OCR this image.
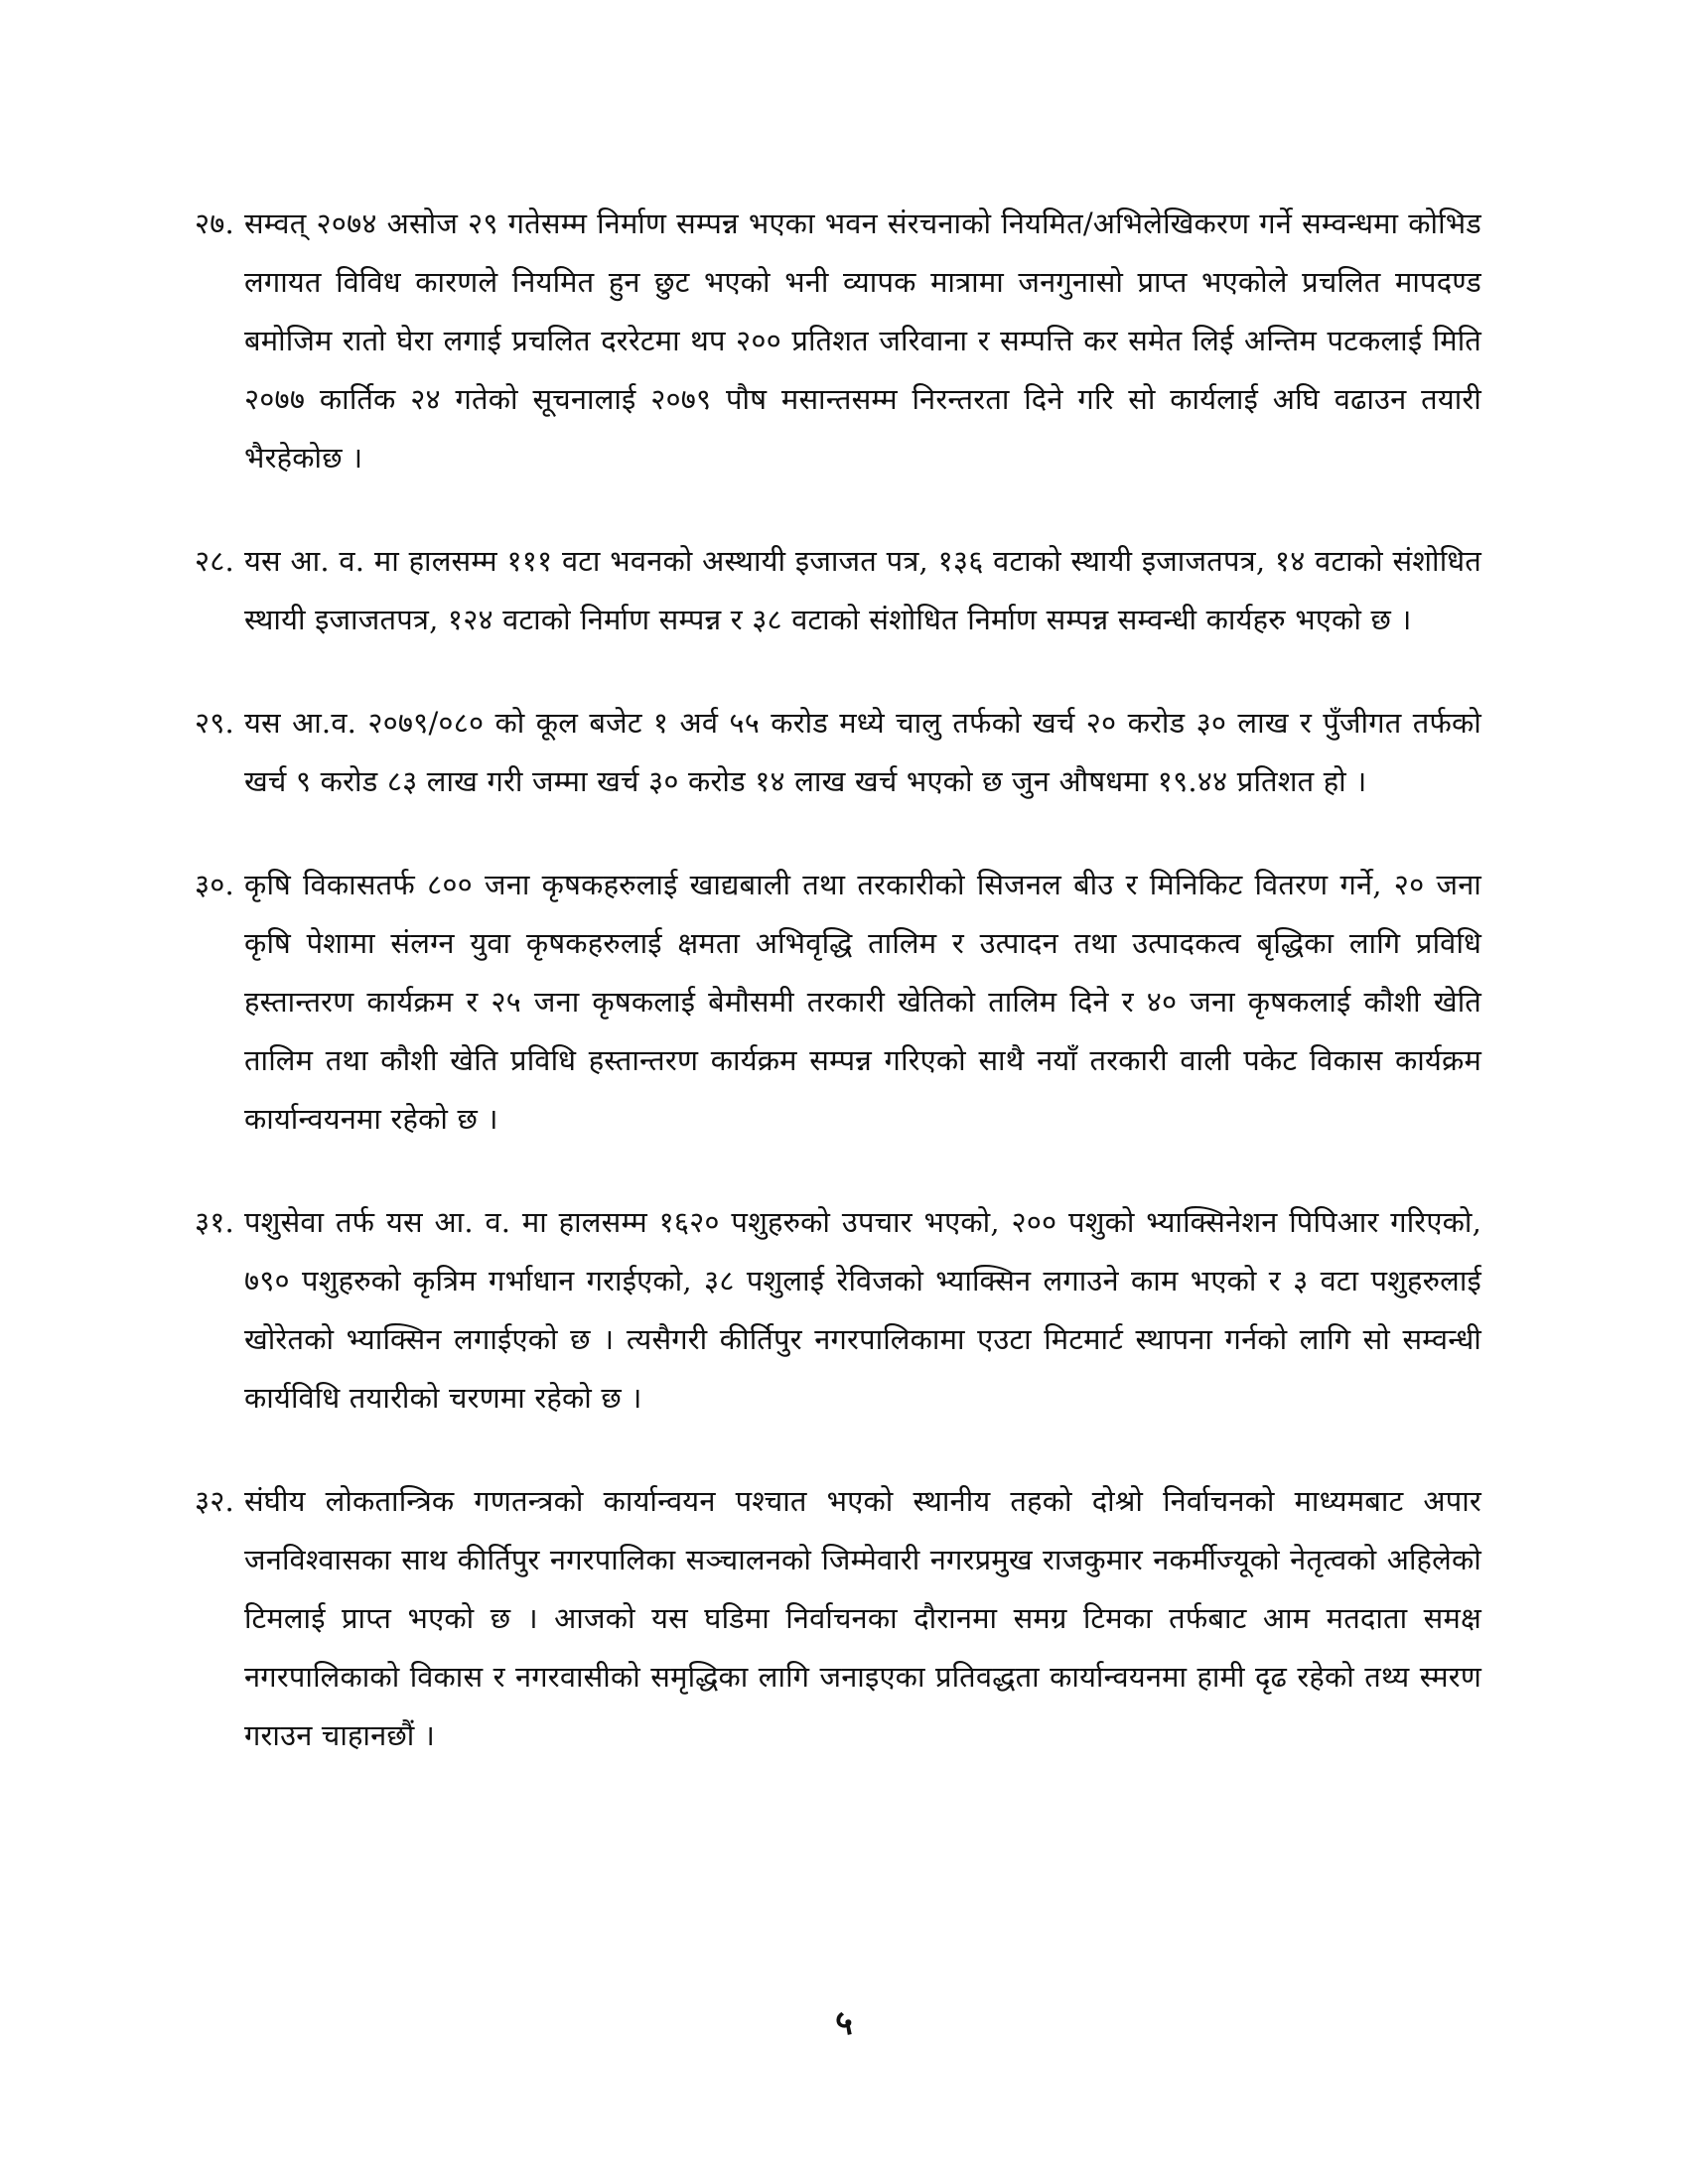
२७. सम्वत् २०७४ असोज २९ गतेसम्म निर्माण सम्पन्न भएका भवन संरचनाको नियमित/अभिलेखिकरण गर्ने सम्वन्धमा कोभिड लगायत विविध कारणले नियमित हुन छुट भएको भनी व्यापक मात्रामा जनगुनासो प्राप्त भएकोले प्रचलित मापदण्ड बमोजिम रातो घेरा लगाई प्रचलित दररेटमा थप २०० प्रतिशत जरिवाना र सम्पत्ति कर समेत लिई अन्तिम पटकलाई मिति २०७७ कार्तिक २४ गतेको सूचनालाई २०७९ पौष मसान्तसम्म निरन्तरता दिने गरि सो कार्यलाई अघि वढाउन तयारी भैरहेकोछ ।
२८. यस आ. व. मा हालसम्म १११ वटा भवनको अस्थायी इजाजत पत्र, १३६ वटाको स्थायी इजाजतपत्र, १४ वटाको संशोधित स्थायी इजाजतपत्र, १२४ वटाको निर्माण सम्पन्न र ३८ वटाको संशोधित निर्माण सम्पन्न सम्वन्धी कार्यहरु भएको छ ।
२९. यस आ.व. २०७९/०८० को कूल बजेट १ अर्व ५५ करोड मध्ये चालु तर्फको खर्च २० करोड ३० लाख र पुँजीगत तर्फको खर्च ९ करोड ८३ लाख गरी जम्मा खर्च ३० करोड १४ लाख खर्च भएको छ जुन औषधमा १९.४४ प्रतिशत हो ।
३०. कृषि विकासतर्फ ८०० जना कृषकहरुलाई खाद्यबाली तथा तरकारीको सिजनल बीउ र मिनिकिट वितरण गर्ने, २० जना कृषि पेशामा संलग्न युवा कृषकहरुलाई क्षमता अभिवृद्धि तालिम र उत्पादन तथा उत्पादकत्व बृद्धिका लागि प्रविधि हस्तान्तरण कार्यक्रम र २५ जना कृषकलाई बेमौसमी तरकारी खेतिको तालिम दिने र ४० जना कृषकलाई कौशी खेति तालिम तथा कौशी खेति प्रविधि हस्तान्तरण कार्यक्रम सम्पन्न गरिएको साथै नयाँ तरकारी वाली पकेट विकास कार्यक्रम कार्यान्वयनमा रहेको छ ।
३१. पशुसेवा तर्फ यस आ. व. मा हालसम्म १६२० पशुहरुको उपचार भएको, २०० पशुको भ्याक्सिनेशन पिपिआर गरिएको, ७९० पशुहरुको कृत्रिम गर्भाधान गराईएको, ३८ पशुलाई रेविजको भ्याक्सिन लगाउने काम भएको र ३ वटा पशुहरुलाई खोरेतको भ्याक्सिन लगाईएको छ । त्यसैगरी कीर्तिपुर नगरपालिकामा एउटा मिटमार्ट स्थापना गर्नको लागि सो सम्वन्धी कार्यविधि तयारीको चरणमा रहेको छ ।
३२. संघीय लोकतान्त्रिक गणतन्त्रको कार्यान्वयन पश्चात भएको स्थानीय तहको दोश्रो निर्वाचनको माध्यमबाट अपार जनविश्वासका साथ कीर्तिपुर नगरपालिका सञ्चालनको जिम्मेवारी नगरप्रमुख राजकुमार नकर्मीज्यूको नेतृत्वको अहिलेको टिमलाई प्राप्त भएको छ । आजको यस घडिमा निर्वाचनका दौरानमा समग्र टिमका तर्फबाट आम मतदाता समक्ष नगरपालिकाको विकास र नगरवासीको समृद्धिका लागि जनाइएका प्रतिवद्धता कार्यान्वयनमा हामी दृढ रहेको तथ्य स्मरण गराउन चाहानछौं ।
५
